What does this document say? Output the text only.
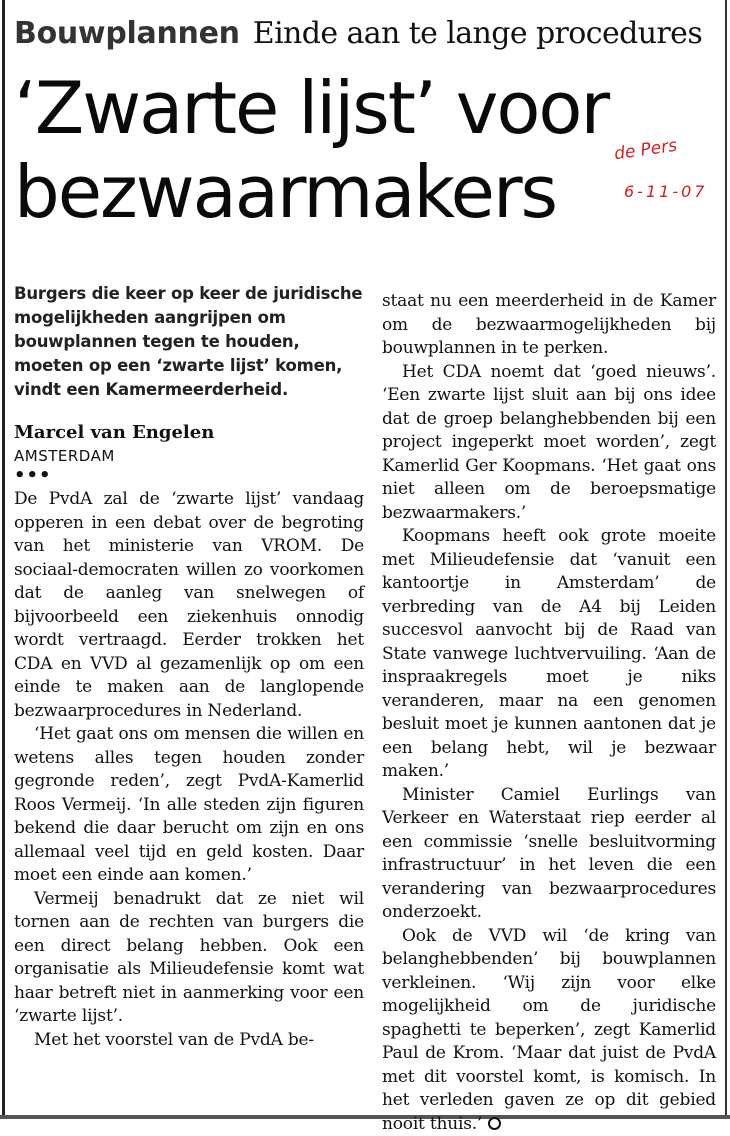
Bouwplannen Einde aan te lange procedures
‘Zwarte lijst’ voor
bezwaarmakers	de Pers
6-11-07

Burgers die keer op keer de juridische mogelijkheden aangrijpen om bouwplannen tegen te houden, moeten op een ‘zwarte lijst’ komen, vindt een Kamermeerderheid.

Marcel van Engelen
AMSTERDAM
•••

De PvdA zal de ‘zwarte lijst’ vandaag opperen in een debat over de begroting van het ministerie van VROM. De sociaal-democraten willen zo voorkomen dat de aanleg van snelwegen of bijvoorbeeld een ziekenhuis onnodig wordt vertraagd. Eerder trokken het CDA en VVD al gezamenlijk op om een einde te maken aan de langlopende bezwaarprocedures in Nederland.

‘Het gaat ons om mensen die willen en wetens alles tegen houden zonder gegronde reden’, zegt PvdA-Kamerlid Roos Vermeij. ‘In alle steden zijn figuren bekend die daar berucht om zijn en ons allemaal veel tijd en geld kosten. Daar moet een einde aan komen.’

Vermeij benadrukt dat ze niet wil tornen aan de rechten van burgers die een direct belang hebben. Ook een organisatie als Milieudefensie komt wat haar betreft niet in aanmerking voor een ‘zwarte lijst’.

Met het voorstel van de PvdA be-

staat nu een meerderheid in de Kamer om de bezwaarmogelijkheden bij bouwplannen in te perken.

Het CDA noemt dat ‘goed nieuws’. ‘Een zwarte lijst sluit aan bij ons idee dat de groep belanghebbenden bij een project ingeperkt moet worden’, zegt Kamerlid Ger Koopmans. ‘Het gaat ons niet alleen om de beroepsmatige bezwaarmakers.’

Koopmans heeft ook grote moeite met Milieudefensie dat ‘vanuit een kantoortje in Amsterdam’ de verbreding van de A4 bij Leiden succesvol aanvocht bij de Raad van State vanwege luchtvervuiling. ‘Aan de inspraakregels moet je niks veranderen, maar na een genomen besluit moet je kunnen aantonen dat je een belang hebt, wil je bezwaar maken.’

Minister Camiel Eurlings van Verkeer en Waterstaat riep eerder al een commissie ‘snelle besluitvorming infrastructuur’ in het leven die een verandering van bezwaarprocedures onderzoekt.

Ook de VVD wil ‘de kring van belanghebbenden’ bij bouwplannen verkleinen. ‘Wij zijn voor elke mogelijkheid om de juridische spaghetti te beperken’, zegt Kamerlid Paul de Krom. ‘Maar dat juist de PvdA met dit voorstel komt, is komisch. In het verleden gaven ze op dit gebied nooit thuis.’
